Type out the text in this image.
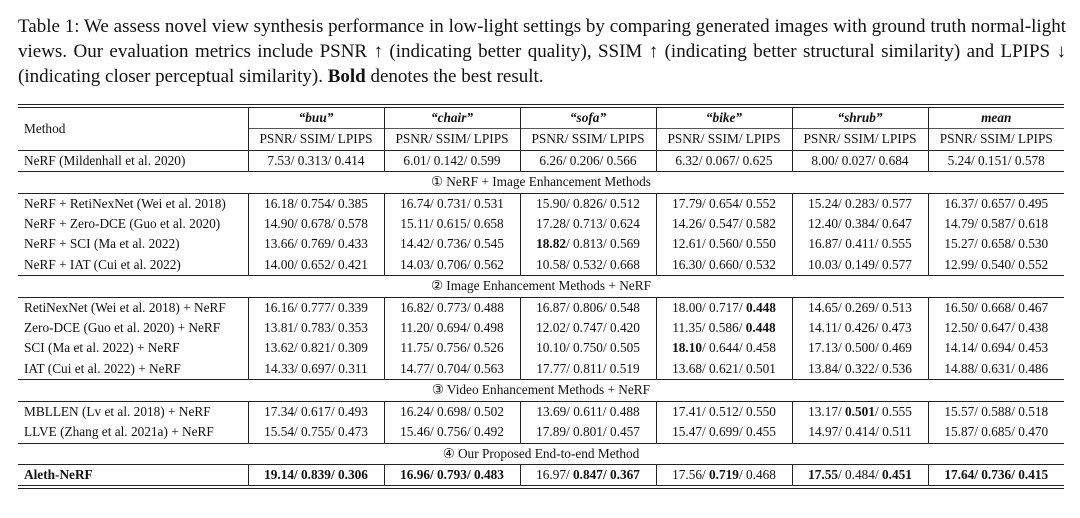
Table 1: We assess novel view synthesis performance in low-light settings by comparing generated images with ground truth normal-light views. Our evaluation metrics include PSNR ↑ (indicating better quality), SSIM ↑ (indicating better structural similarity) and LPIPS ↓ (indicating closer perceptual similarity). Bold denotes the best result.
Method	“buu”	“chair”	“sofa”	“bike”	“shrub”	mean
	PSNR/ SSIM/ LPIPS	PSNR/ SSIM/ LPIPS	PSNR/ SSIM/ LPIPS	PSNR/ SSIM/ LPIPS	PSNR/ SSIM/ LPIPS	PSNR/ SSIM/ LPIPS
NeRF (Mildenhall et al. 2020)	7.53/ 0.313/ 0.414	6.01/ 0.142/ 0.599	6.26/ 0.206/ 0.566	6.32/ 0.067/ 0.625	8.00/ 0.027/ 0.684	5.24/ 0.151/ 0.578
① NeRF + Image Enhancement Methods						
NeRF + RetiNexNet (Wei et al. 2018)	16.18/ 0.754/ 0.385	16.74/ 0.731/ 0.531	15.90/ 0.826/ 0.512	17.79/ 0.654/ 0.552	15.24/ 0.283/ 0.577	16.37/ 0.657/ 0.495
NeRF + Zero-DCE (Guo et al. 2020)	14.90/ 0.678/ 0.578	15.11/ 0.615/ 0.658	17.28/ 0.713/ 0.624	14.26/ 0.547/ 0.582	12.40/ 0.384/ 0.647	14.79/ 0.587/ 0.618
NeRF + SCI (Ma et al. 2022)	13.66/ 0.769/ 0.433	14.42/ 0.736/ 0.545	18.82/ 0.813/ 0.569	12.61/ 0.560/ 0.550	16.87/ 0.411/ 0.555	15.27/ 0.658/ 0.530
NeRF + IAT (Cui et al. 2022)	14.00/ 0.652/ 0.421	14.03/ 0.706/ 0.562	10.58/ 0.532/ 0.668	16.30/ 0.660/ 0.532	10.03/ 0.149/ 0.577	12.99/ 0.540/ 0.552
② Image Enhancement Methods + NeRF						
RetiNexNet (Wei et al. 2018) + NeRF	16.16/ 0.777/ 0.339	16.82/ 0.773/ 0.488	16.87/ 0.806/ 0.548	18.00/ 0.717/ 0.448	14.65/ 0.269/ 0.513	16.50/ 0.668/ 0.467
Zero-DCE (Guo et al. 2020) + NeRF	13.81/ 0.783/ 0.353	11.20/ 0.694/ 0.498	12.02/ 0.747/ 0.420	11.35/ 0.586/ 0.448	14.11/ 0.426/ 0.473	12.50/ 0.647/ 0.438
SCI (Ma et al. 2022) + NeRF	13.62/ 0.821/ 0.309	11.75/ 0.756/ 0.526	10.10/ 0.750/ 0.505	18.10/ 0.644/ 0.458	17.13/ 0.500/ 0.469	14.14/ 0.694/ 0.453
IAT (Cui et al. 2022) + NeRF	14.33/ 0.697/ 0.311	14.77/ 0.704/ 0.563	17.77/ 0.811/ 0.519	13.68/ 0.621/ 0.501	13.84/ 0.322/ 0.536	14.88/ 0.631/ 0.486
③ Video Enhancement Methods + NeRF						
MBLLEN (Lv et al. 2018) + NeRF	17.34/ 0.617/ 0.493	16.24/ 0.698/ 0.502	13.69/ 0.611/ 0.488	17.41/ 0.512/ 0.550	13.17/ 0.501/ 0.555	15.57/ 0.588/ 0.518
LLVE (Zhang et al. 2021a) + NeRF	15.54/ 0.755/ 0.473	15.46/ 0.756/ 0.492	17.89/ 0.801/ 0.457	15.47/ 0.699/ 0.455	14.97/ 0.414/ 0.511	15.87/ 0.685/ 0.470
④ Our Proposed End-to-end Method						
Aleth-NeRF	19.14/ 0.839/ 0.306	16.96/ 0.793/ 0.483	16.97/ 0.847/ 0.367	17.56/ 0.719/ 0.468	17.55/ 0.484/ 0.451	17.64/ 0.736/ 0.415
